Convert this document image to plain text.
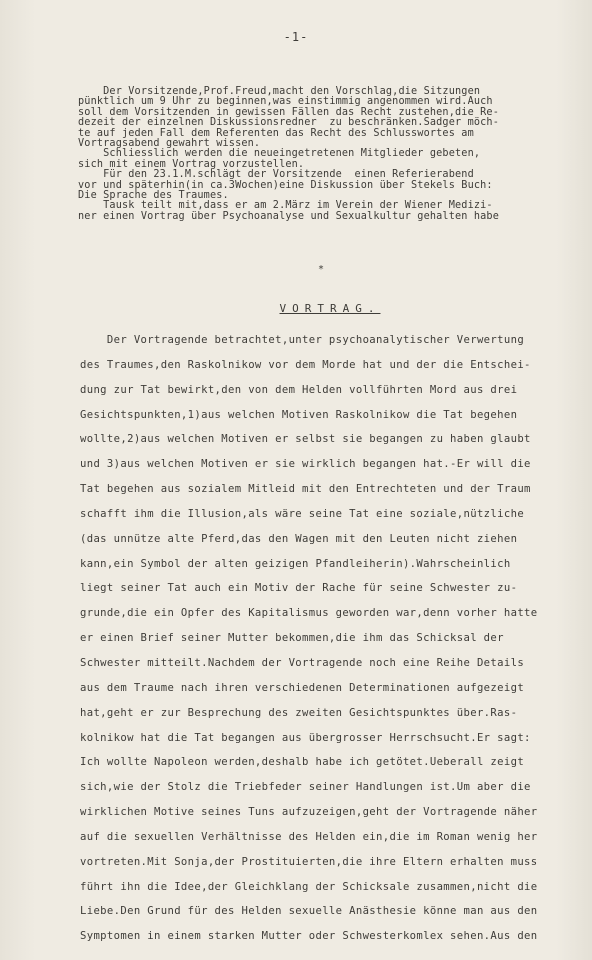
-1-
Der Vorsitzende,Prof.Freud,macht den Vorschlag,die Sitzungen
pünktlich um 9 Uhr zu beginnen,was einstimmig angenommen wird.Auch
soll dem Vorsitzenden in gewissen Fällen das Recht zustehen,die Re-
dezeit der einzelnen Diskussionsredner  zu beschränken.Sadger möch-
te auf jeden Fall dem Referenten das Recht des Schlusswortes am
Vortragsabend gewahrt wissen.
Schliesslich werden die neueingetretenen Mitglieder gebeten,
sich mit einem Vortrag vorzustellen.
Für den 23.1.M.schlägt der Vorsitzende  einen Referierabend
vor und späterhin(in ca.3Wochen)eine Diskussion über Stekels Buch:
Die Sprache des Traumes.
Tausk teilt mit,dass er am 2.März im Verein der Wiener Medizi-
ner einen Vortrag über Psychoanalyse und Sexualkultur gehalten habe
*
VORTRAG.
Der Vortragende betrachtet,unter psychoanalytischer Verwertung
des Traumes,den Raskolnikow vor dem Morde hat und der die Entschei-
dung zur Tat bewirkt,den von dem Helden vollführten Mord aus drei
Gesichtspunkten,1)aus welchen Motiven Raskolnikow die Tat begehen
wollte,2)aus welchen Motiven er selbst sie begangen zu haben glaubt
und 3)aus welchen Motiven er sie wirklich begangen hat.-Er will die
Tat begehen aus sozialem Mitleid mit den Entrechteten und der Traum
schafft ihm die Illusion,als wäre seine Tat eine soziale,nützliche
(das unnütze alte Pferd,das den Wagen mit den Leuten nicht ziehen
kann,ein Symbol der alten geizigen Pfandleiherin).Wahrscheinlich
liegt seiner Tat auch ein Motiv der Rache für seine Schwester zu-
grunde,die ein Opfer des Kapitalismus geworden war,denn vorher hatte
er einen Brief seiner Mutter bekommen,die ihm das Schicksal der
Schwester mitteilt.Nachdem der Vortragende noch eine Reihe Details
aus dem Traume nach ihren verschiedenen Determinationen aufgezeigt
hat,geht er zur Besprechung des zweiten Gesichtspunktes über.Ras-
kolnikow hat die Tat begangen aus übergrosser Herrschsucht.Er sagt:
Ich wollte Napoleon werden,deshalb habe ich getötet.Ueberall zeigt
sich,wie der Stolz die Triebfeder seiner Handlungen ist.Um aber die
wirklichen Motive seines Tuns aufzuzeigen,geht der Vortragende näher
auf die sexuellen Verhältnisse des Helden ein,die im Roman wenig her
vortreten.Mit Sonja,der Prostituierten,die ihre Eltern erhalten muss
führt ihn die Idee,der Gleichklang der Schicksale zusammen,nicht die
Liebe.Den Grund für des Helden sexuelle Anästhesie könne man aus den
Symptomen in einem starken Mutter oder Schwesterkomlex sehen.Aus den
